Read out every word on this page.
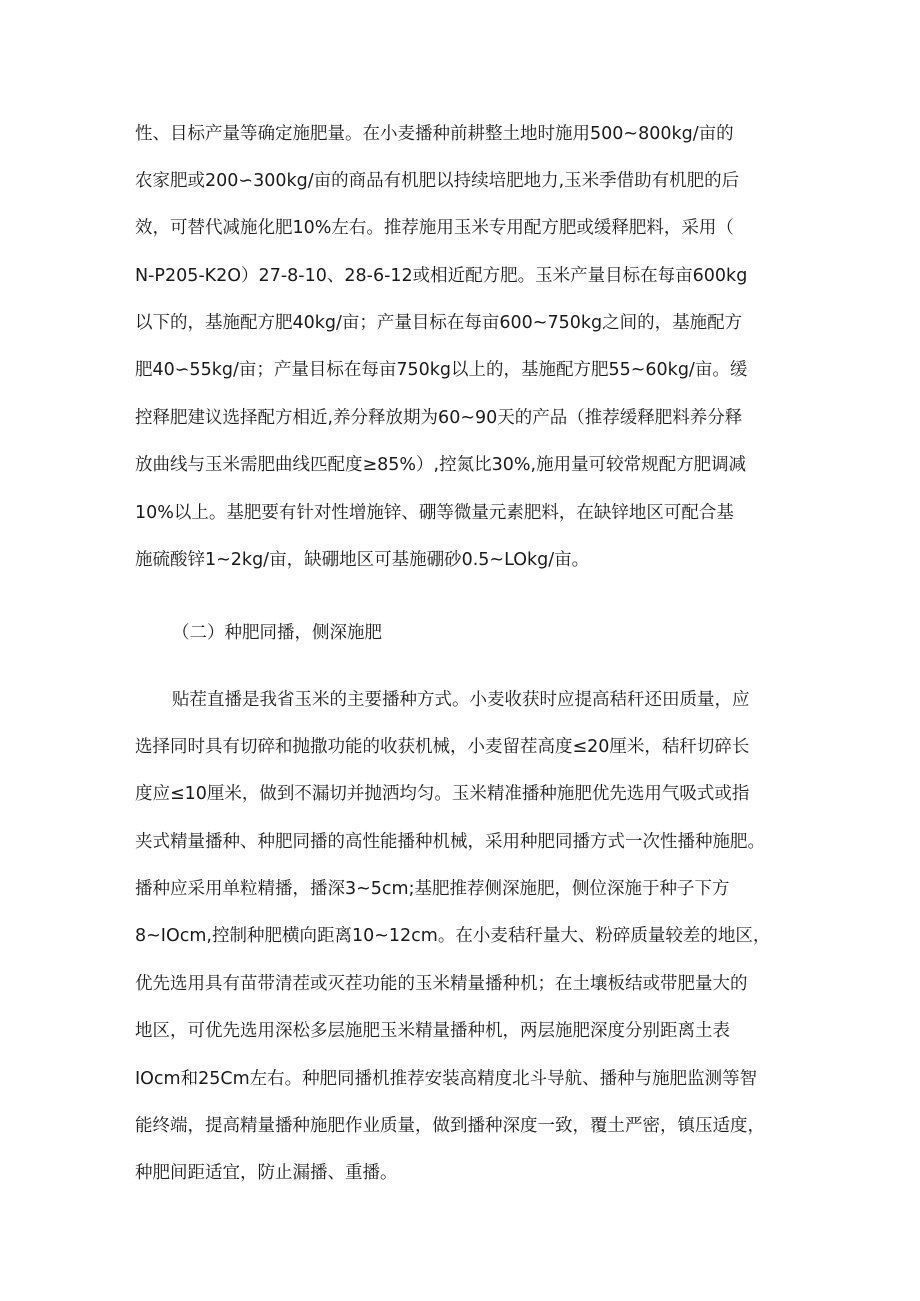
性、目标产量等确定施肥量。在小麦播种前耕整土地时施用500~800kg/亩的
农家肥或200∽300kg/亩的商品有机肥以持续培肥地力,玉米季借助有机肥的后
效，可替代减施化肥10%左右。推荐施用玉米专用配方肥或缓释肥料，采用（
N-P205-K2O）27-8-10、28-6-12或相近配方肥。玉米产量目标在每亩600kg
以下的，基施配方肥40kg/亩；产量目标在每亩600~750kg之间的，基施配方
肥40∽55kg/亩；产量目标在每亩750kg以上的，基施配方肥55~60kg/亩。缓
控释肥建议选择配方相近,养分释放期为60~90天的产品（推荐缓释肥料养分释
放曲线与玉米需肥曲线匹配度≥85%）,控氮比30%,施用量可较常规配方肥调减
10%以上。基肥要有针对性增施锌、硼等微量元素肥料，在缺锌地区可配合基
施硫酸锌1~2kg/亩，缺硼地区可基施硼砂0.5~LOkg/亩。
（二）种肥同播，侧深施肥
贴茬直播是我省玉米的主要播种方式。小麦收获时应提高秸秆还田质量，应
选择同时具有切碎和抛撒功能的收获机械，小麦留茬高度≤20厘米，秸秆切碎长
度应≤10厘米，做到不漏切并抛洒均匀。玉米精准播种施肥优先选用气吸式或指
夹式精量播种、种肥同播的高性能播种机械，采用种肥同播方式一次性播种施肥。
播种应采用单粒精播，播深3~5cm;基肥推荐侧深施肥，侧位深施于种子下方
8~IOcm,控制种肥横向距离10~12cm。在小麦秸秆量大、粉碎质量较差的地区，
优先选用具有苗带清茬或灭茬功能的玉米精量播种机；在土壤板结或带肥量大的
地区，可优先选用深松多层施肥玉米精量播种机，两层施肥深度分别距离土表
IOcm和25Cm左右。种肥同播机推荐安装高精度北斗导航、播种与施肥监测等智
能终端，提高精量播种施肥作业质量，做到播种深度一致，覆土严密，镇压适度，
种肥间距适宜，防止漏播、重播。
